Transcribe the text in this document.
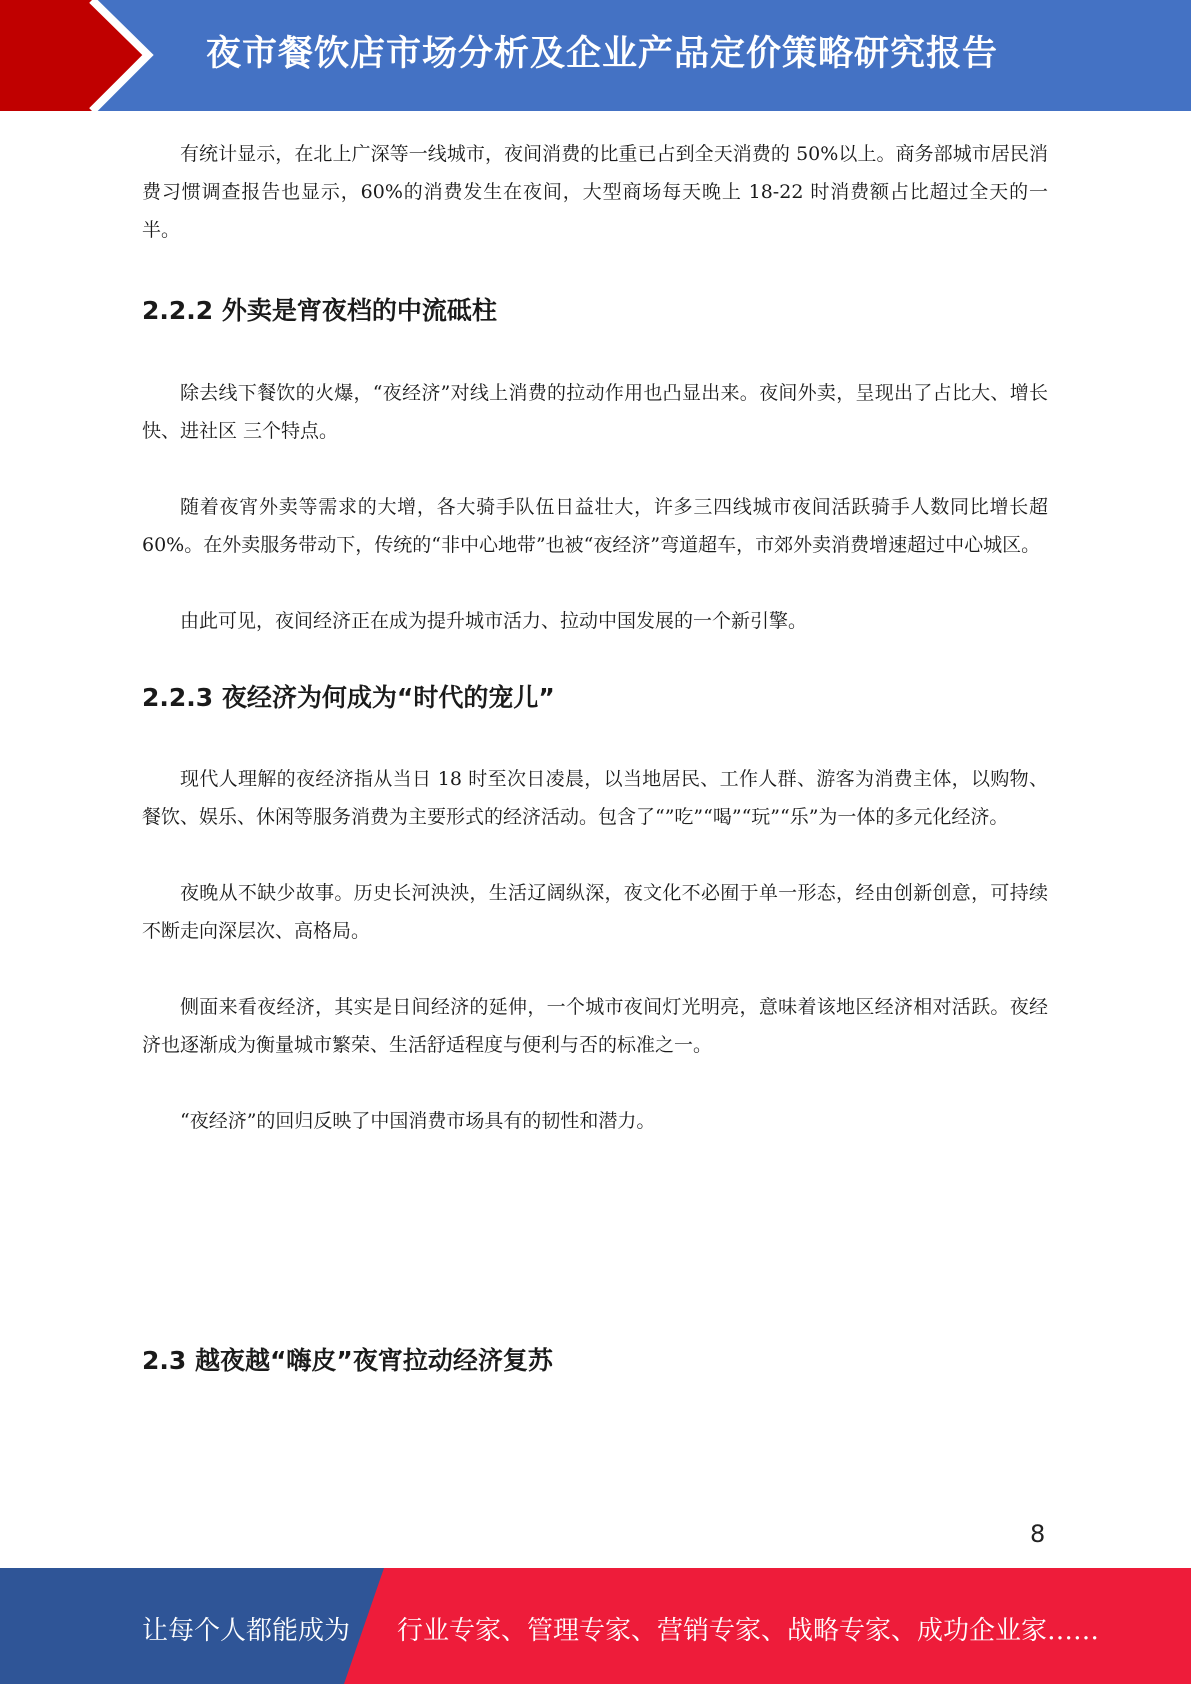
夜市餐饮店市场分析及企业产品定价策略研究报告

有统计显示，在北上广深等一线城市，夜间消费的比重已占到全天消费的 50%以上。商务部城市居民消费习惯调查报告也显示，60%的消费发生在夜间，大型商场每天晚上 18-22 时消费额占比超过全天的一半。

2.2.2 外卖是宵夜档的中流砥柱

除去线下餐饮的火爆，“夜经济”对线上消费的拉动作用也凸显出来。夜间外卖，呈现出了占比大、增长快、进社区 三个特点。

随着夜宵外卖等需求的大增，各大骑手队伍日益壮大，许多三四线城市夜间活跃骑手人数同比增长超 60%。在外卖服务带动下，传统的“非中心地带”也被“夜经济”弯道超车，市郊外卖消费增速超过中心城区。

由此可见，夜间经济正在成为提升城市活力、拉动中国发展的一个新引擎。

2.2.3 夜经济为何成为“时代的宠儿”

现代人理解的夜经济指从当日 18 时至次日凌晨，以当地居民、工作人群、游客为消费主体，以购物、餐饮、娱乐、休闲等服务消费为主要形式的经济活动。包含了“”吃”“喝”“玩”“乐”为一体的多元化经济。

夜晚从不缺少故事。历史长河泱泱，生活辽阔纵深，夜文化不必囿于单一形态，经由创新创意，可持续不断走向深层次、高格局。

侧面来看夜经济，其实是日间经济的延伸，一个城市夜间灯光明亮，意味着该地区经济相对活跃。夜经济也逐渐成为衡量城市繁荣、生活舒适程度与便利与否的标准之一。

“夜经济”的回归反映了中国消费市场具有的韧性和潜力。

2.3 越夜越“嗨皮”夜宵拉动经济复苏
8
让每个人都能成为 行业专家、管理专家、营销专家、战略专家、成功企业家……
